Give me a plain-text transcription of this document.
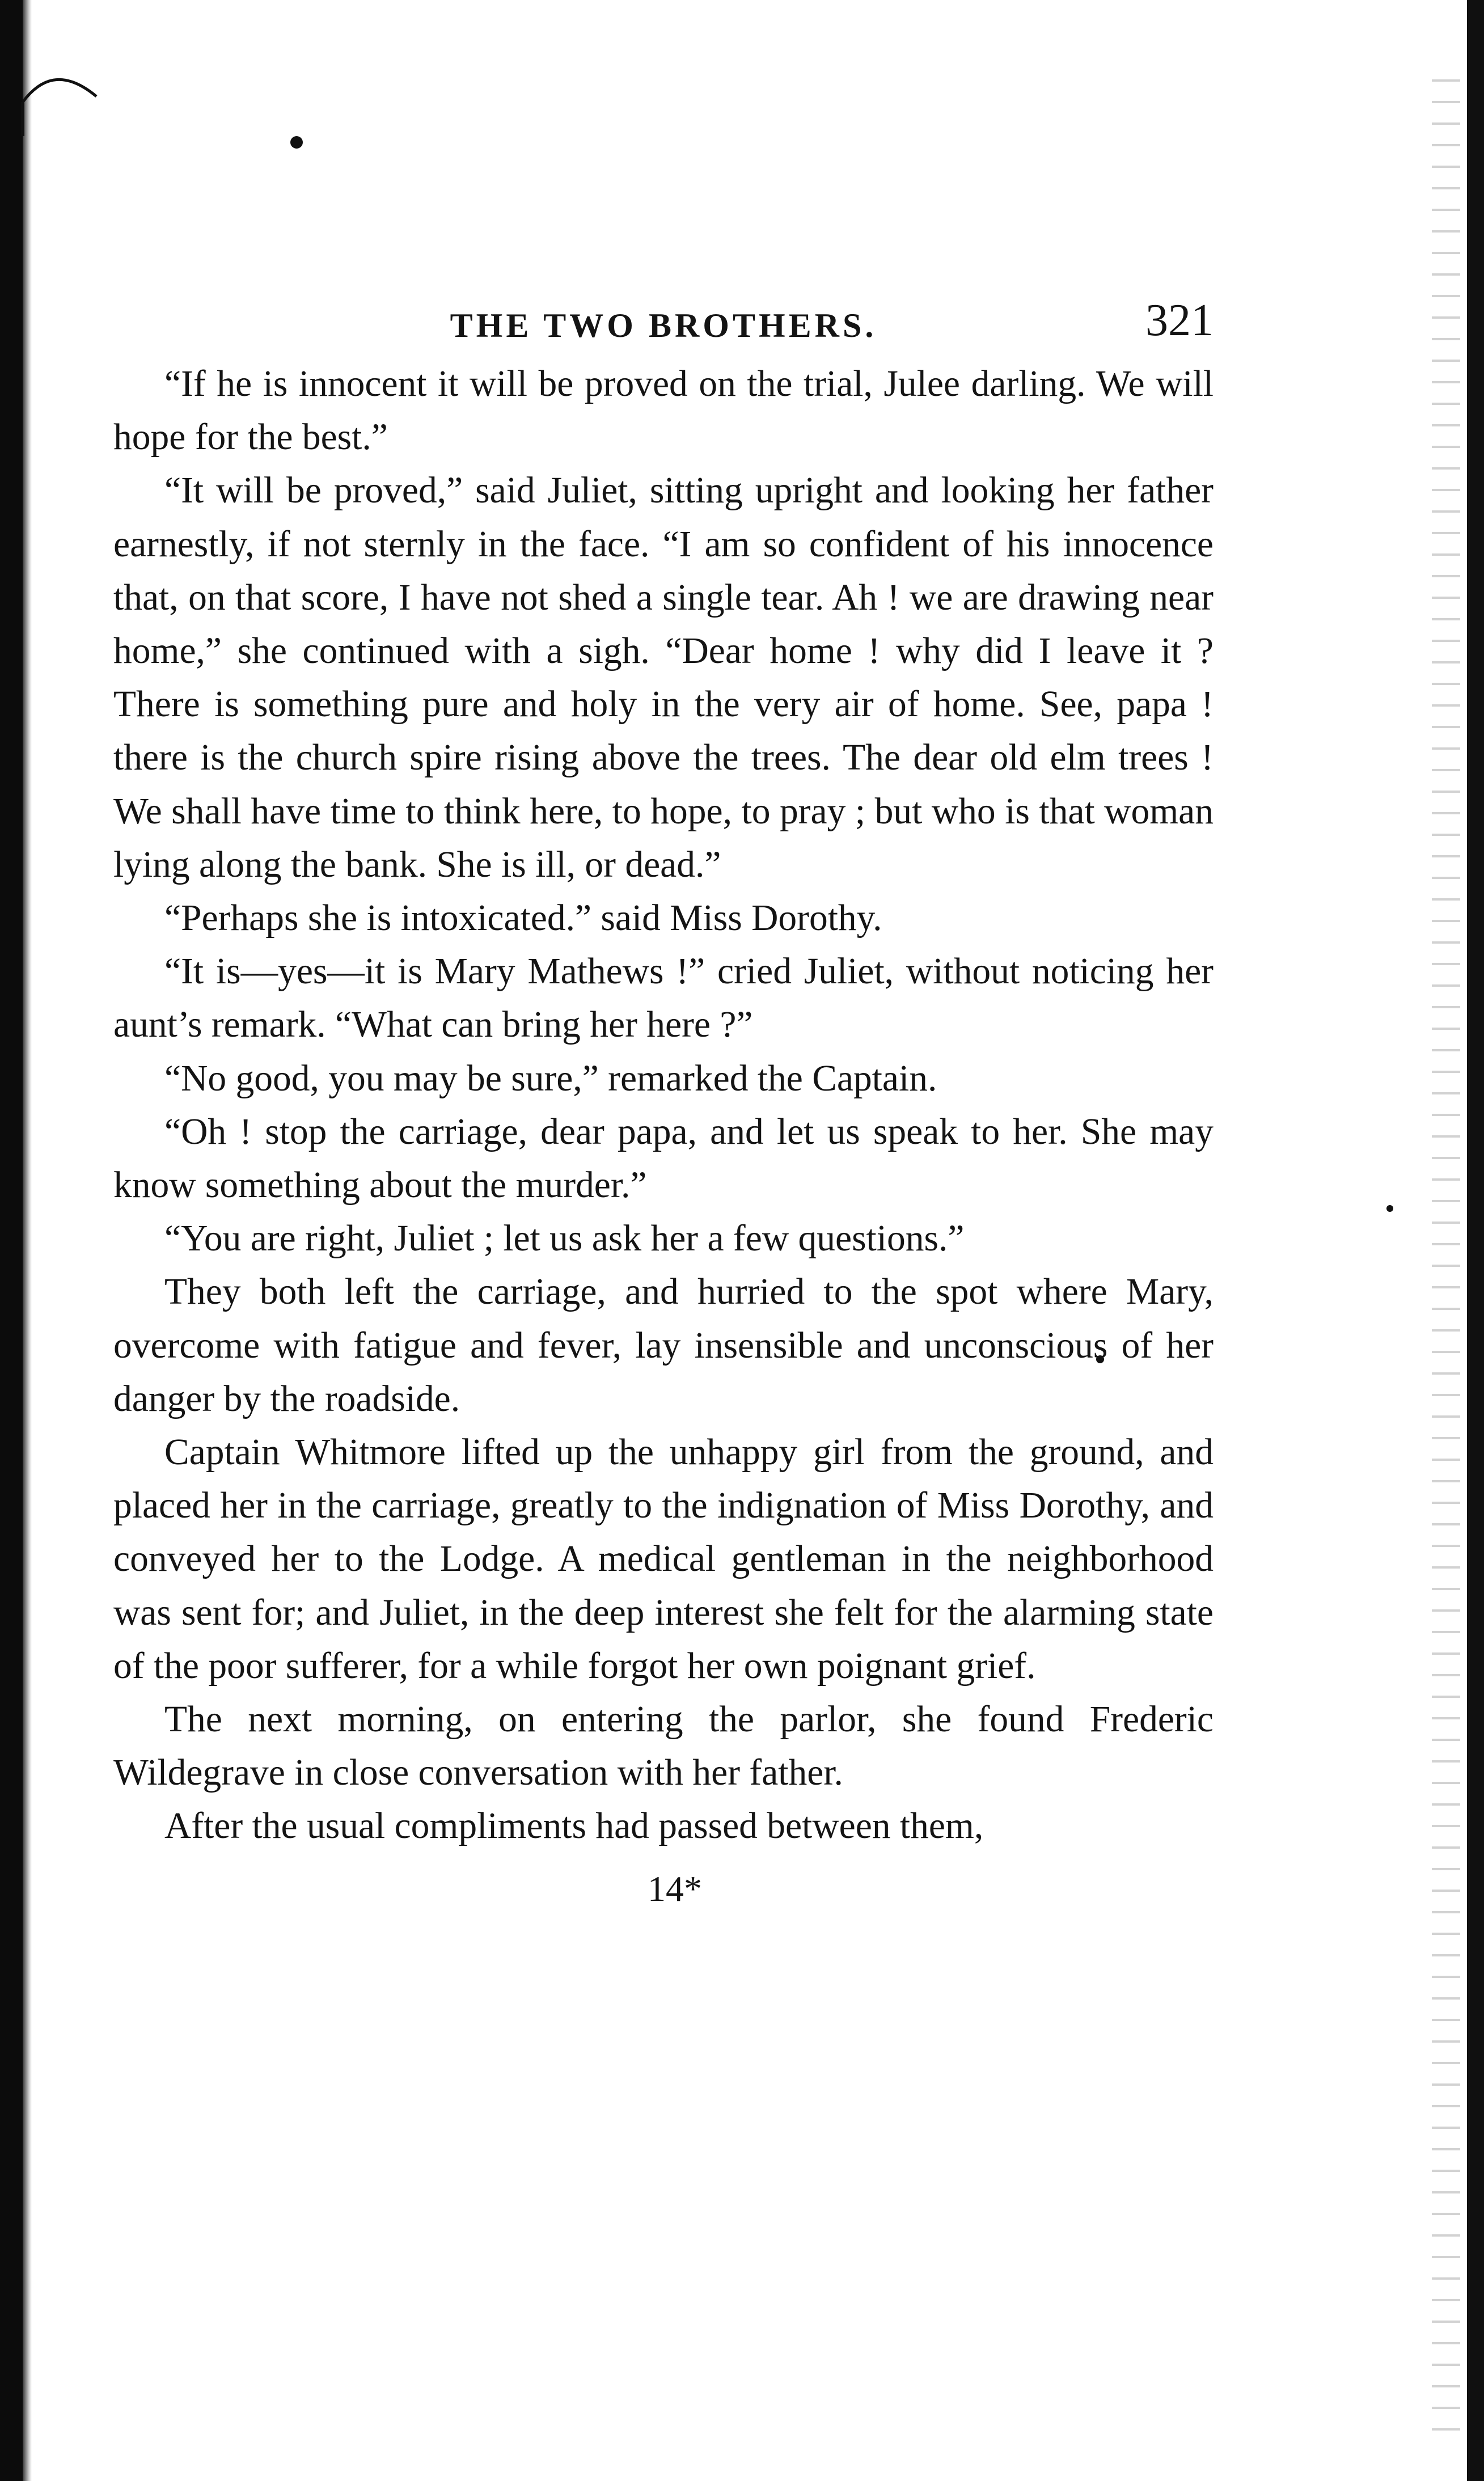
THE TWO BROTHERS.	321

“If he is innocent it will be proved on the trial, Julee darling. We will hope for the best.”

“It will be proved,” said Juliet, sitting upright and looking her father earnestly, if not sternly in the face. “I am so confident of his innocence that, on that score, I have not shed a single tear. Ah ! we are drawing near home,” she continued with a sigh. “Dear home ! why did I leave it ? There is something pure and holy in the very air of home. See, papa ! there is the church spire rising above the trees. The dear old elm trees ! We shall have time to think here, to hope, to pray ; but who is that woman lying along the bank. She is ill, or dead.”

“Perhaps she is intoxicated.” said Miss Dorothy.

“It is—yes—it is Mary Mathews !” cried Juliet, without noticing her aunt’s remark. “What can bring her here ?”

“No good, you may be sure,” remarked the Captain.

“Oh ! stop the carriage, dear papa, and let us speak to her. She may know something about the murder.”

“You are right, Juliet ; let us ask her a few questions.”

They both left the carriage, and hurried to the spot where Mary, overcome with fatigue and fever, lay insensible and unconscious of her danger by the roadside.

Captain Whitmore lifted up the unhappy girl from the ground, and placed her in the carriage, greatly to the indignation of Miss Dorothy, and conveyed her to the Lodge. A medical gentleman in the neighborhood was sent for; and Juliet, in the deep interest she felt for the alarming state of the poor sufferer, for a while forgot her own poignant grief.

The next morning, on entering the parlor, she found Frederic Wildegrave in close conversation with her father.

After the usual compliments had passed between them,

14*
